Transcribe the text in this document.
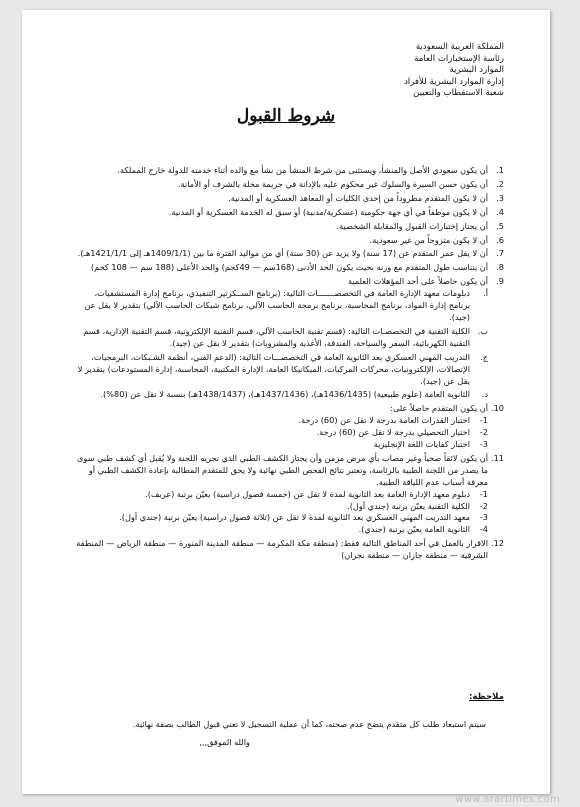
المملكة العربية السعودية
رئاسة الإستخبارات العامة
الموارد البشرية
إدارة الموارد البشرية للأفراد
شعبة الاستقطاب والتعيين
شروط القبول
1.
أن يكون سعودي الأصل والمنشأ، ويستثنى من شرط المنشأ من نشأ مع والده أثناء خدمته للدولة خارج المملكة.
2.
أن يكون حسن السيرة والسلوك غير محكوم عليه بالإدانة في جريمة مخلة بالشرف أو الأمانة.
3.
أن لا يكون المتقدم مطروداً من إحدى الكليات أو المعاهد العسكرية أو المدنية.
4.
أن لا يكون موظفاً في أي جهة حكومية (عسكرية/مدنية) أو سبق له الخدمة العسكرية أو المدنية.
5.
أن يجتاز إختبارات القبول والمقابلة الشخصية.
6.
أن لا يكون متزوجاً من غير سعودية.
7.
أن لا يقل عمر المتقدم عن (17 سنة) ولا يزيد عن (30 سنة) أي من مواليد الفترة ما بين (1409/1/1هـ إلى 1421/1/1هـ).
8.
أن يتناسب طول المتقدم مع وزنه بحيث يكون الحد الأدنى (168سم — 49كجم) والحد الأعلى (188 سم — 108 كجم)
9.
أن يكون حاصلاً على أحد المؤهلات العلمية
أ.
دبلومات معهد الإدارة العامة في التخصصـــــــات التالية: (برنامج الســكرتير التنفيذي، برنامج إدارة المستشفيات، برنامج إدارة المواد، برنامج المحاسبة، برنامج برمجة الحاسب الآلي، برنامج شبكات الحاسب الآلي) بتقدير لا يقل عن (جيد).
ب.
الكلية التقنية في التخصصـات التالية: (قسم تقنية الحاسب الآلي، قسم التقنية الإلكترونية، قسم التقنية الإدارية، قسم التقنية الكهربائية، السفر والسياحة، الفندقة، الأغذية والمشروبات) بتقدير لا يقل عن (جيد).
ج.
التدريب المهني العسكري بعد الثانوية العامة في التخصصـــات التالية: (الدعم الفني، أنظمة الشـبكات، البرمجيات، الإتصالات، الإلكترونيات، محركات المركبات، الميكانيكا العامة، الإدارة المكتبية، المحاسبة، إدارة المستودعات) بتقدير لا يقل عن (جيد).
د.
الثانوية العامة (علوم طبيعية) (1436/1435هـ)، (1437/1436هـ)، (1438/1437هـ) بنسبة لا تقل عن (80%).
10.
أن يكون المتقدم حاصلاً على:
1-
اختبار القدرات العامة بدرجة لا تقل عن (60) درجة.
2-
اختبار التحصيلي بدرجة لا تقل عن (60) درجة.
3-
اختبار كفايات اللغة الإنجليزية
11.
أن يكون لائقاً صحياً وغير مصاب بأي مرض مزمن وأن يجتاز الكشف الطبي الذي تجريه اللجنة ولا يُقبل أي كشف طبي سوى ما يصدر من اللجنة الطبية بالرئاسة، وتعتبر نتائج الفحص الطبي نهائية ولا يحق للمتقدم المطالبة بإعادة الكشف الطبي أو معرفة أسباب عدم اللياقة الطبية.
1-
دبلوم معهد الإدارة العامة بعد الثانوية لمدة لا تقل عن (خمسة فصول دراسية) يعيّن برتبة (عريف).
2-
الكلية التقنية يعيّن برتبة (جندي أول).
3-
معهد التدريب المهني العسكري بعد الثانوية لمدة لا تقل عن (ثلاثة فصول دراسية) يعيّن برتبة (جندي أول).
4-
الثانوية العامة يعيّن برتبة (جندي).
12.
الاقرار بالعمل في أحد المناطق التالية فقط: (منطقة مكة المكرمة — منطقة المدينة المنورة — منطقة الرياض — المنطقة الشرقية — منطقة جازان — منطقة نجران)
ملاحظة:
سيتم استبعاد طلب كل متقدم يتضح عدم صحته، كما أن عملية التسجيل لا تعني قبول الطالب بصفة نهائية.
والله الموفق,,,
www.arartimes.com
